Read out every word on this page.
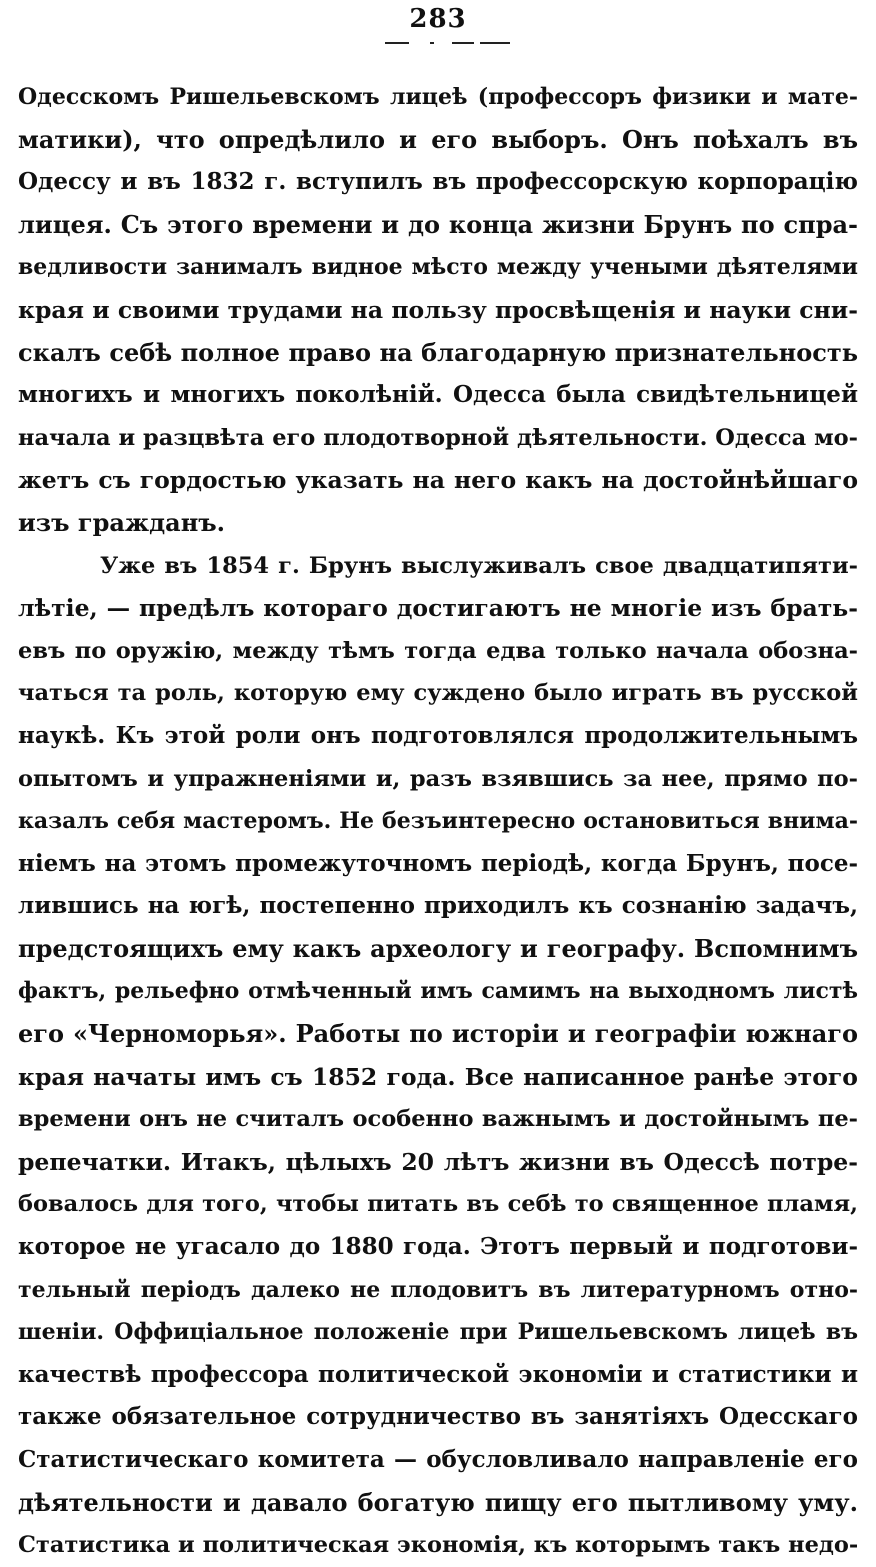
283
Одесскомъ Ришельевскомъ лицеѣ (профессоръ физики и мате-
матики), что опредѣлило и его выборъ. Онъ поѣхалъ въ
Одессу и въ 1832 г. вступилъ въ профессорскую корпорацію
лицея. Съ этого времени и до конца жизни Брунъ по спра-
ведливости занималъ видное мѣсто между учеными дѣятелями
края и своими трудами на пользу просвѣщенія и науки сни-
скалъ себѣ полное право на благодарную признательность
многихъ и многихъ поколѣній. Одесса была свидѣтельницей
начала и разцвѣта его плодотворной дѣятельности. Одесса мо-
жетъ съ гордостью указать на него какъ на достойнѣйшаго
изъ гражданъ.
Уже въ 1854 г. Брунъ выслуживалъ свое двадцатипяти-
лѣтіе, — предѣлъ котораго достигаютъ не многіе изъ брать-
евъ по оружію, между тѣмъ тогда едва только начала обозна-
чаться та роль, которую ему суждено было играть въ русской
наукѣ. Къ этой роли онъ подготовлялся продолжительнымъ
опытомъ и упражненіями и, разъ взявшись за нее, прямо по-
казалъ себя мастеромъ. Не безъинтересно остановиться внима-
ніемъ на этомъ промежуточномъ періодѣ, когда Брунъ, посе-
лившись на югѣ, постепенно приходилъ къ сознанію задачъ,
предстоящихъ ему какъ археологу и географу. Вспомнимъ
фактъ, рельефно отмѣченный имъ самимъ на выходномъ листѣ
его «Черноморья». Работы по исторіи и географіи южнаго
края начаты имъ съ 1852 года. Все написанное ранѣе этого
времени онъ не считалъ особенно важнымъ и достойнымъ пе-
репечатки. Итакъ, цѣлыхъ 20 лѣтъ жизни въ Одессѣ потре-
бовалось для того, чтобы питать въ себѣ то священное пламя,
которое не угасало до 1880 года. Этотъ первый и подготови-
тельный періодъ далеко не плодовитъ въ литературномъ отно-
шеніи. Оффиціальное положеніе при Ришельевскомъ лицеѣ въ
качествѣ профессора политической экономіи и статистики и
также обязательное сотрудничество въ занятіяхъ Одесскаго
Статистическаго комитета — обусловливало направленіе его
дѣятельности и давало богатую пищу его пытливому уму.
Статистика и политическая экономія, къ которымъ такъ недо-
